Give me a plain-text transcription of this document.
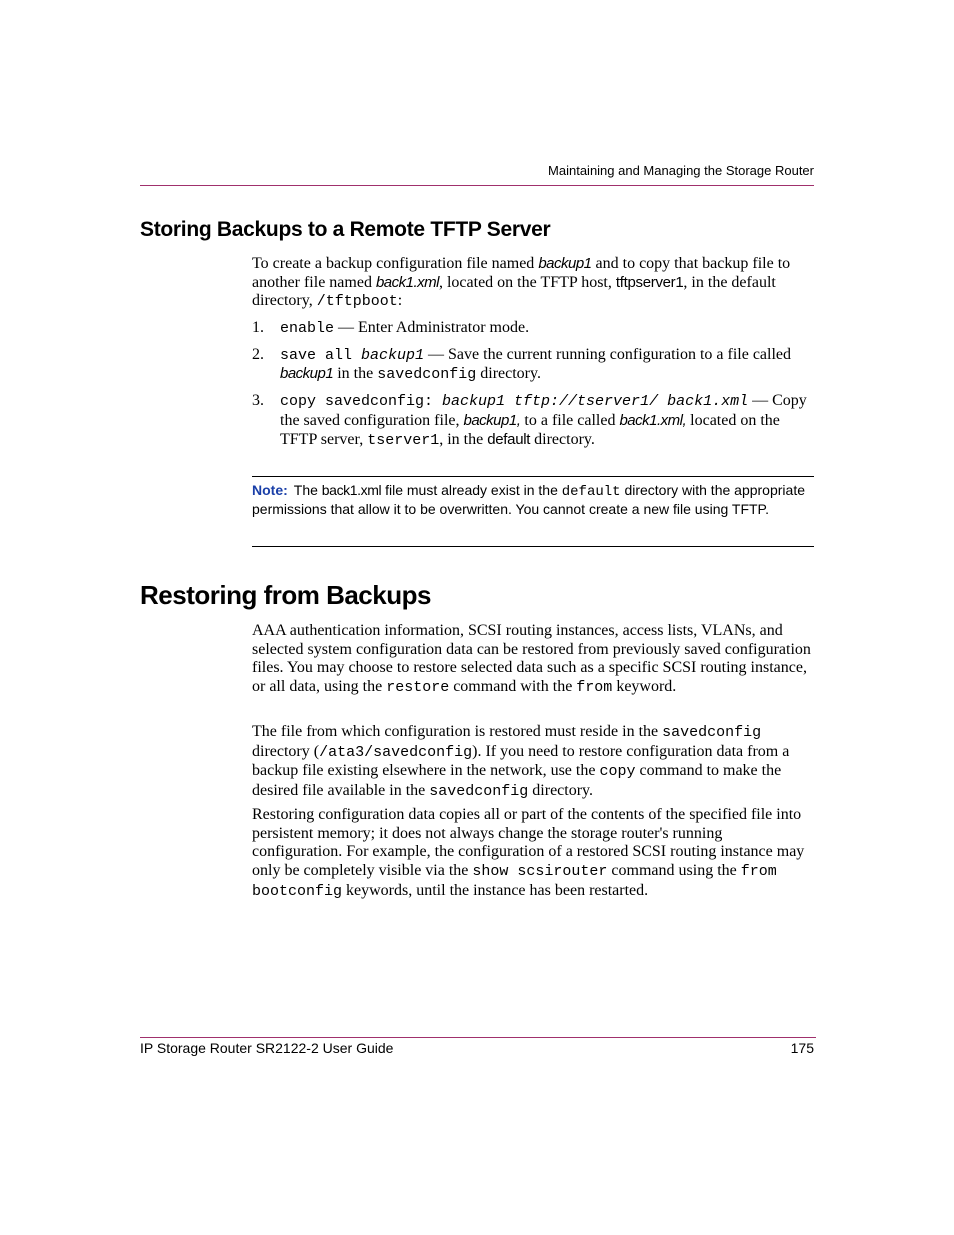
Maintaining and Managing the Storage Router
Storing Backups to a Remote TFTP Server

To create a backup configuration file named backup1 and to copy that backup file to another file named back1.xml, located on the TFTP host, tftpserver1, in the default directory, /tftpboot:

1. enable — Enter Administrator mode.
2. save all backup1 — Save the current running configuration to a file called backup1 in the savedconfig directory.
3. copy savedconfig: backup1 tftp://tserver1/ back1.xml — Copy the saved configuration file, backup1, to a file called back1.xml, located on the TFTP server, tserver1, in the default directory.

Note: The back1.xml file must already exist in the default directory with the appropriate permissions that allow it to be overwritten. You cannot create a new file using TFTP.

Restoring from Backups

AAA authentication information, SCSI routing instances, access lists, VLANs, and selected system configuration data can be restored from previously saved configuration files. You may choose to restore selected data such as a specific SCSI routing instance, or all data, using the restore command with the from keyword.

The file from which configuration is restored must reside in the savedconfig directory (/ata3/savedconfig). If you need to restore configuration data from a backup file existing elsewhere in the network, use the copy command to make the desired file available in the savedconfig directory.

Restoring configuration data copies all or part of the contents of the specified file into persistent memory; it does not always change the storage router's running configuration. For example, the configuration of a restored SCSI routing instance may only be completely visible via the show scsirouter command using the from bootconfig keywords, until the instance has been restarted.

IP Storage Router SR2122-2 User Guide	175
